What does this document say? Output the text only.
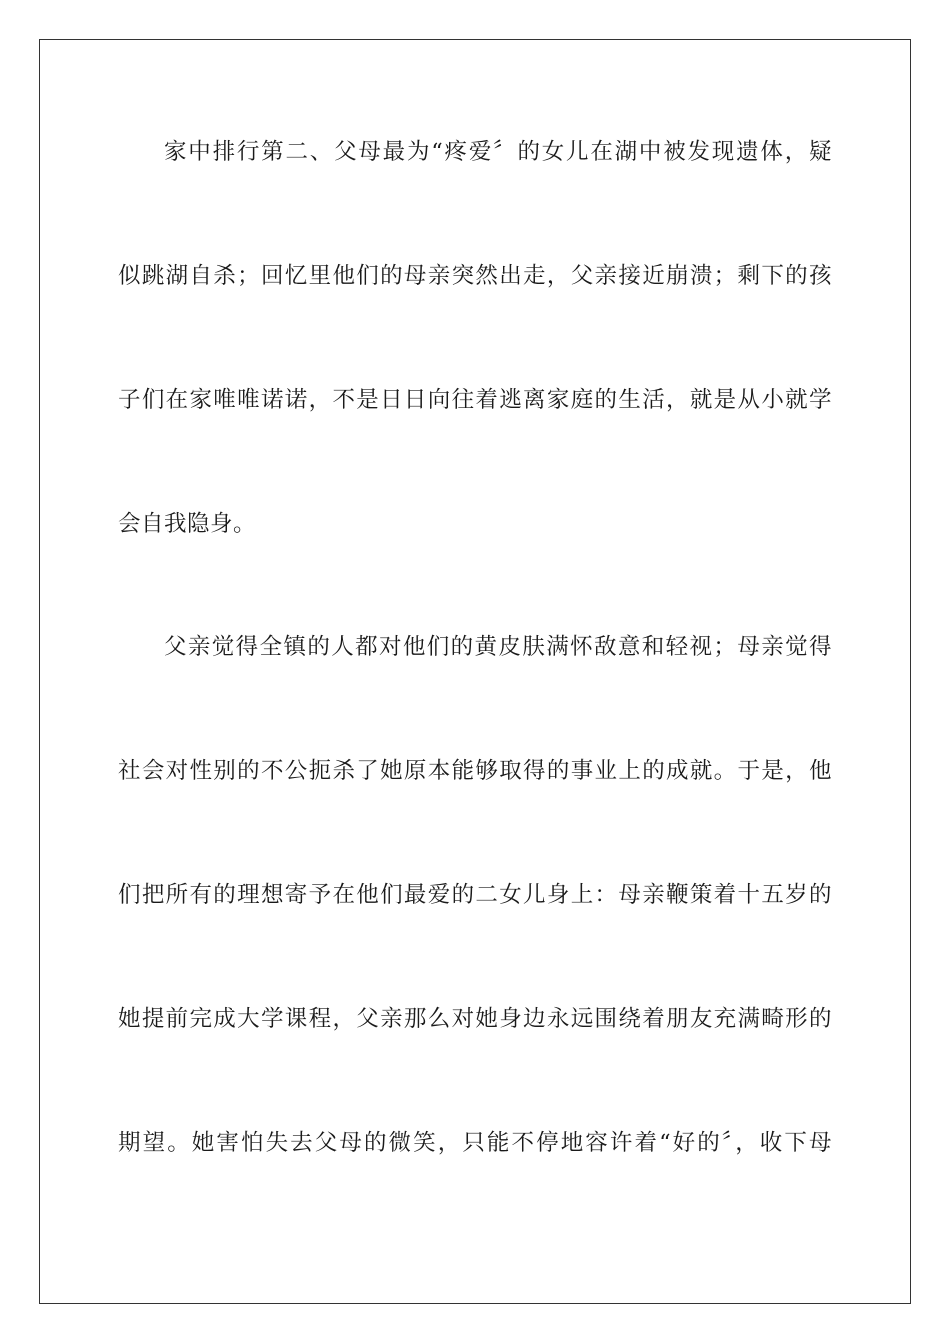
家中排行第二、父母最为“疼爱〞的女儿在湖中被发现遗体，疑
似跳湖自杀；回忆里他们的母亲突然出走，父亲接近崩溃；剩下的孩
子们在家唯唯诺诺，不是日日向往着逃离家庭的生活，就是从小就学
会自我隐身。
父亲觉得全镇的人都对他们的黄皮肤满怀敌意和轻视；母亲觉得
社会对性别的不公扼杀了她原本能够取得的事业上的成就。于是，他
们把所有的理想寄予在他们最爱的二女儿身上：母亲鞭策着十五岁的
她提前完成大学课程，父亲那么对她身边永远围绕着朋友充满畸形的
期望。她害怕失去父母的微笑，只能不停地容许着“好的〞，收下母
